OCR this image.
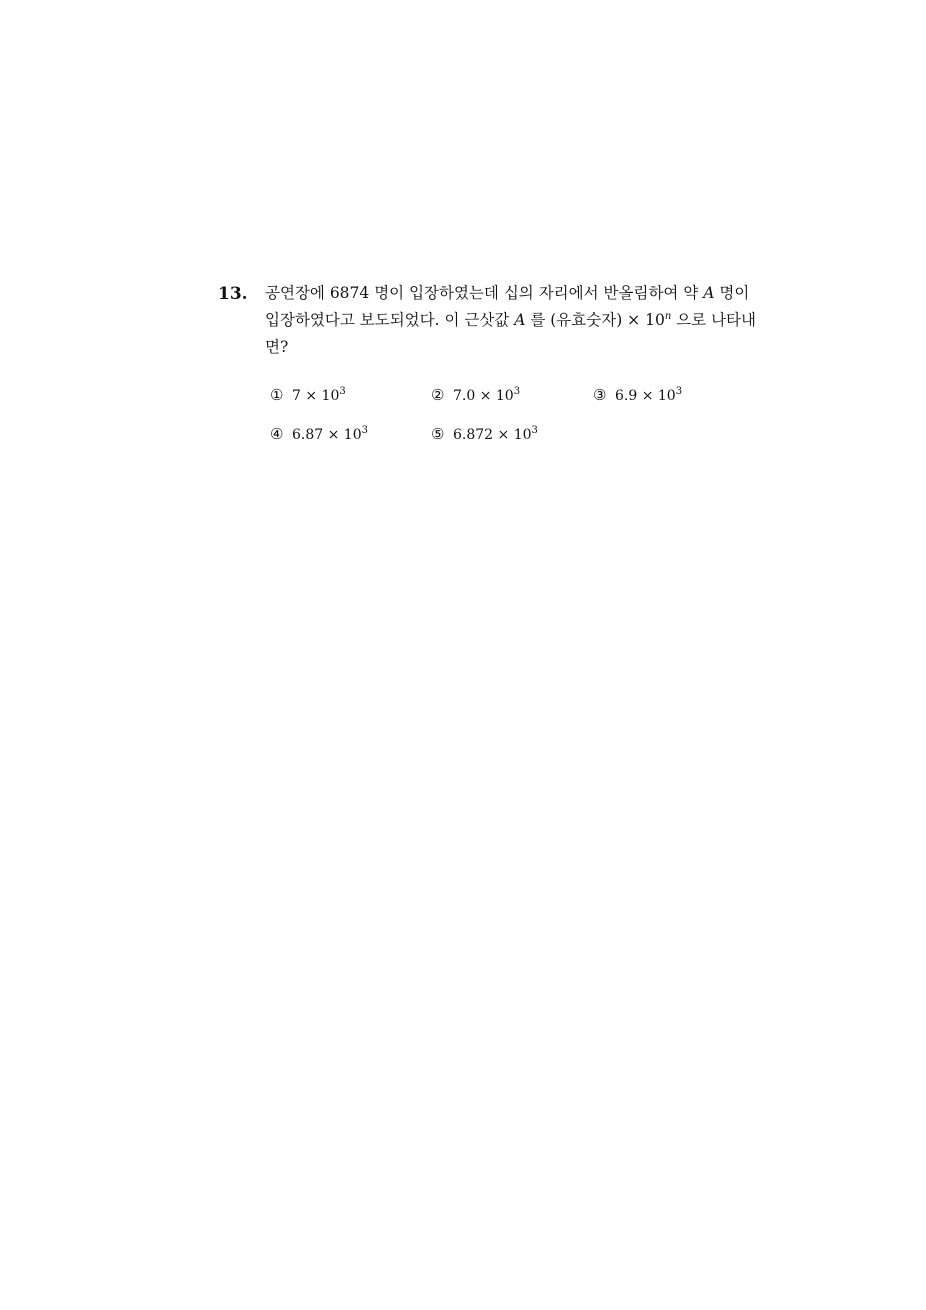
13. 공연장에 6874 명이 입장하였는데 십의 자리에서 반올림하여 약 A 명이
입장하였다고 보도되었다. 이 근삿값 A 를 (유효숫자) × $10^n$ 으로 나타내
면?
① $7 \times 10^3$	② $7.0 \times 10^3$	③ $6.9 \times 10^3$
④ $6.87 \times 10^3$	⑤ $6.872 \times 10^3$
